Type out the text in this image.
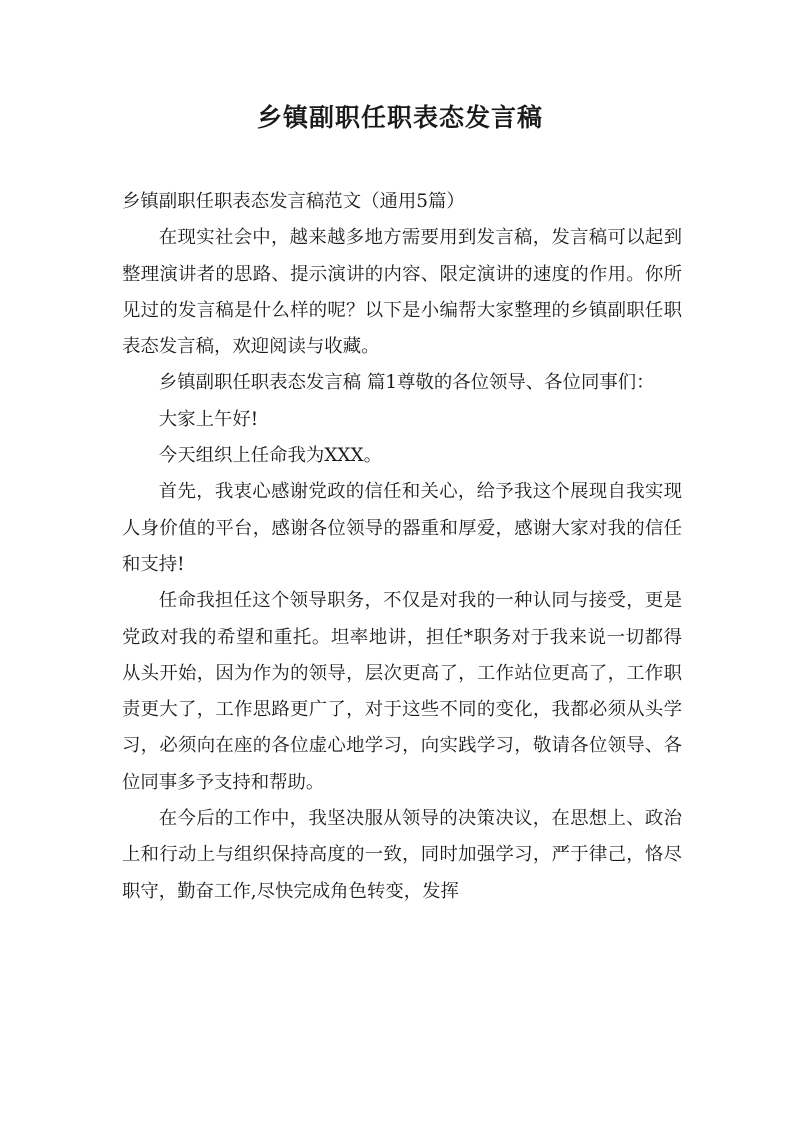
乡镇副职任职表态发言稿

乡镇副职任职表态发言稿范文（通用5篇）

在现实社会中，越来越多地方需要用到发言稿，发言稿可以起到整理演讲者的思路、提示演讲的内容、限定演讲的速度的作用。你所见过的发言稿是什么样的呢？以下是小编帮大家整理的乡镇副职任职表态发言稿，欢迎阅读与收藏。

乡镇副职任职表态发言稿 篇1尊敬的各位领导、各位同事们：

大家上午好!

今天组织上任命我为XXX。

首先，我衷心感谢党政的信任和关心，给予我这个展现自我实现人身价值的平台，感谢各位领导的器重和厚爱，感谢大家对我的信任和支持!

任命我担任这个领导职务，不仅是对我的一种认同与接受，更是党政对我的希望和重托。坦率地讲，担任*职务对于我来说一切都得从头开始，因为作为的领导，层次更高了，工作站位更高了，工作职责更大了，工作思路更广了，对于这些不同的变化，我都必须从头学习，必须向在座的各位虚心地学习，向实践学习，敬请各位领导、各位同事多予支持和帮助。

在今后的工作中，我坚决服从领导的决策决议，在思想上、政治上和行动上与组织保持高度的一致，同时加强学习，严于律己，恪尽职守，勤奋工作,尽快完成角色转变，发挥
